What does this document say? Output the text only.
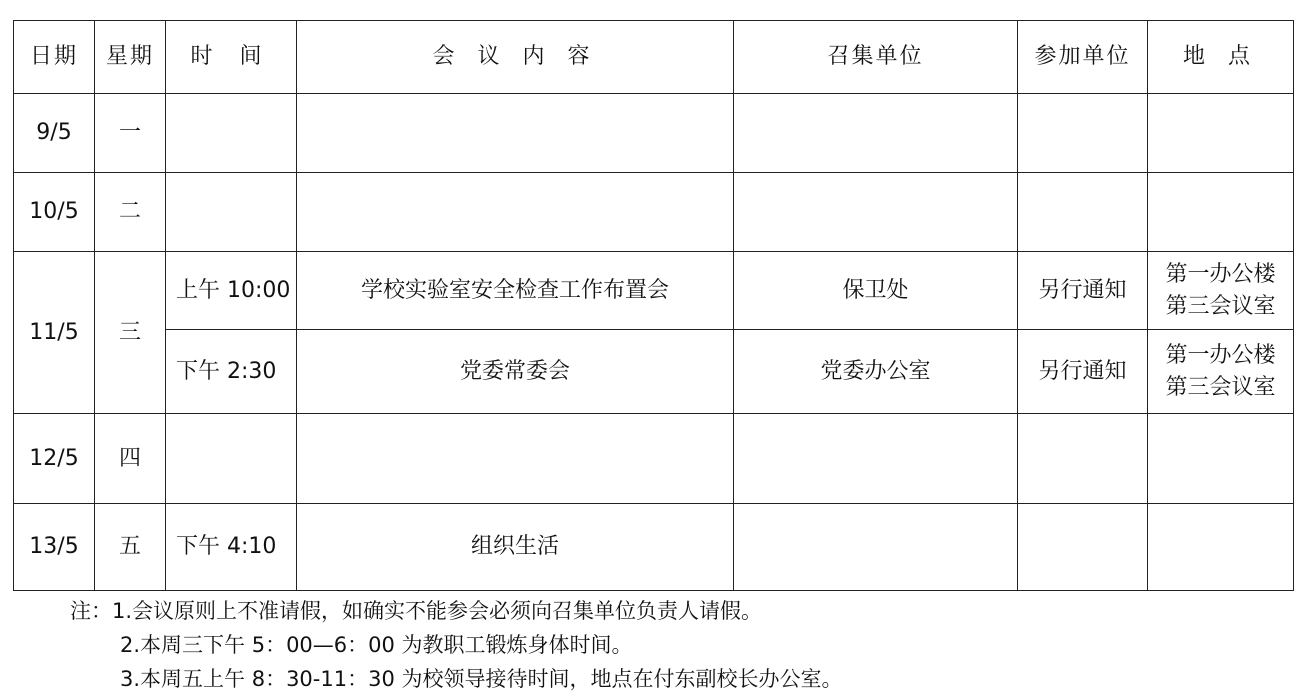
日期	星期	时 间	会 议 内 容	召集单位	参加单位	地 点
9/5	一					
10/5	二					
11/5	三	上午 10:00	学校实验室安全检查工作布置会	保卫处	另行通知	第一办公楼
第三会议室

		下午 2:30	党委常委会	党委办公室	另行通知	第一办公楼
第三会议室

12/5	四					
13/5	五	下午 4:10	组织生活			
注：1.会议原则上不准请假，如确实不能参会必须向召集单位负责人请假。
2.本周三下午 5：00—6：00 为教职工锻炼身体时间。
3.本周五上午 8：30-11：30 为校领导接待时间，地点在付东副校长办公室。
